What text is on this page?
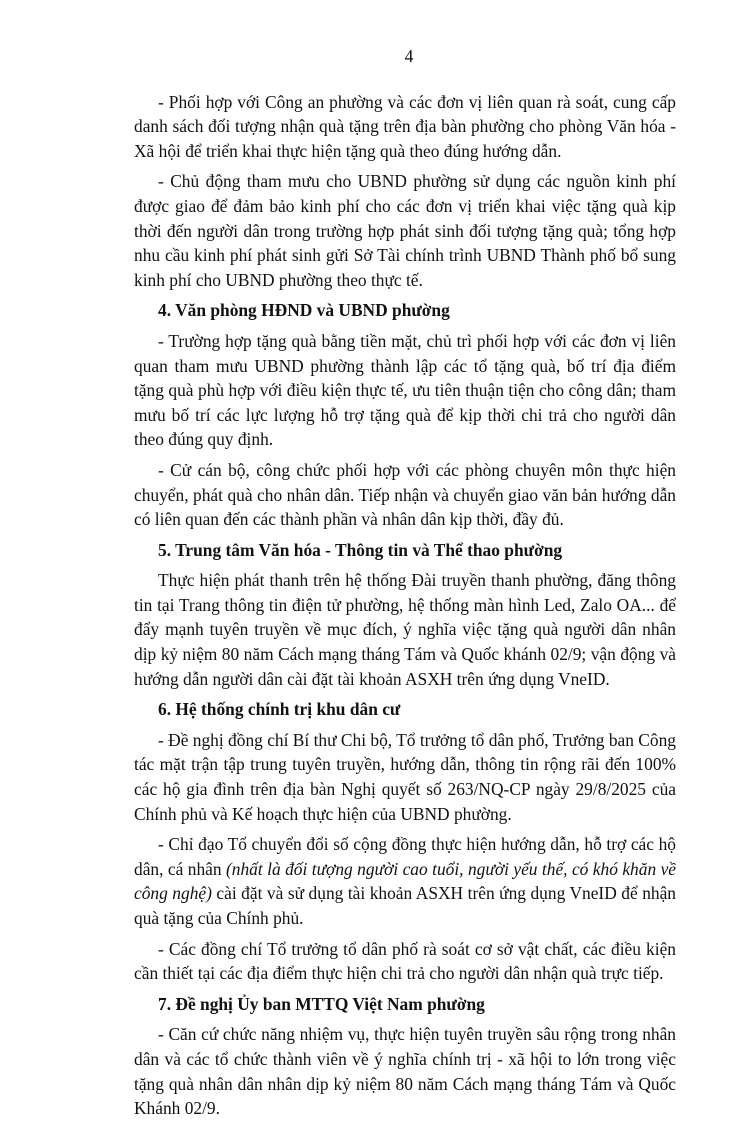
4

- Phối hợp với Công an phường và các đơn vị liên quan rà soát, cung cấp danh sách đối tượng nhận quà tặng trên địa bàn phường cho phòng Văn hóa - Xã hội để triển khai thực hiện tặng quà theo đúng hướng dẫn.

- Chủ động tham mưu cho UBND phường sử dụng các nguồn kinh phí được giao để đảm bảo kinh phí cho các đơn vị triển khai việc tặng quà kịp thời đến người dân trong trường hợp phát sinh đối tượng tặng quà; tổng hợp nhu cầu kinh phí phát sinh gửi Sở Tài chính trình UBND Thành phố bổ sung kinh phí cho UBND phường theo thực tế.

4. Văn phòng HĐND và UBND phường

- Trường hợp tặng quà bằng tiền mặt, chủ trì phối hợp với các đơn vị liên quan tham mưu UBND phường thành lập các tổ tặng quà, bố trí địa điểm tặng quà phù hợp với điều kiện thực tế, ưu tiên thuận tiện cho công dân; tham mưu bố trí các lực lượng hỗ trợ tặng quà để kịp thời chi trả cho người dân theo đúng quy định.

- Cử cán bộ, công chức phối hợp với các phòng chuyên môn thực hiện chuyển, phát quà cho nhân dân. Tiếp nhận và chuyển giao văn bản hướng dẫn có liên quan đến các thành phần và nhân dân kịp thời, đầy đủ.

5. Trung tâm Văn hóa - Thông tin và Thể thao phường

Thực hiện phát thanh trên hệ thống Đài truyền thanh phường, đăng thông tin tại Trang thông tin điện tử phường, hệ thống màn hình Led, Zalo OA... để đẩy mạnh tuyên truyền về mục đích, ý nghĩa việc tặng quà người dân nhân dịp kỷ niệm 80 năm Cách mạng tháng Tám và Quốc khánh 02/9; vận động và hướng dẫn người dân cài đặt tài khoản ASXH trên ứng dụng VneID.

6. Hệ thống chính trị khu dân cư

- Đề nghị đồng chí Bí thư Chi bộ, Tổ trưởng tổ dân phố, Trưởng ban Công tác mặt trận tập trung tuyên truyền, hướng dẫn, thông tin rộng rãi đến 100% các hộ gia đình trên địa bàn Nghị quyết số 263/NQ-CP ngày 29/8/2025 của Chính phủ và Kế hoạch thực hiện của UBND phường.

- Chỉ đạo Tổ chuyển đổi số cộng đồng thực hiện hướng dẫn, hỗ trợ các hộ dân, cá nhân (nhất là đối tượng người cao tuổi, người yếu thế, có khó khăn về công nghệ) cài đặt và sử dụng tài khoản ASXH trên ứng dụng VneID để nhận quà tặng của Chính phủ.

- Các đồng chí Tổ trưởng tổ dân phố rà soát cơ sở vật chất, các điều kiện cần thiết tại các địa điểm thực hiện chi trả cho người dân nhận quà trực tiếp.

7. Đề nghị Ủy ban MTTQ Việt Nam phường

- Căn cứ chức năng nhiệm vụ, thực hiện tuyên truyền sâu rộng trong nhân dân và các tổ chức thành viên về ý nghĩa chính trị - xã hội to lớn trong việc tặng quà nhân dân nhân dịp kỷ niệm 80 năm Cách mạng tháng Tám và Quốc Khánh 02/9.
